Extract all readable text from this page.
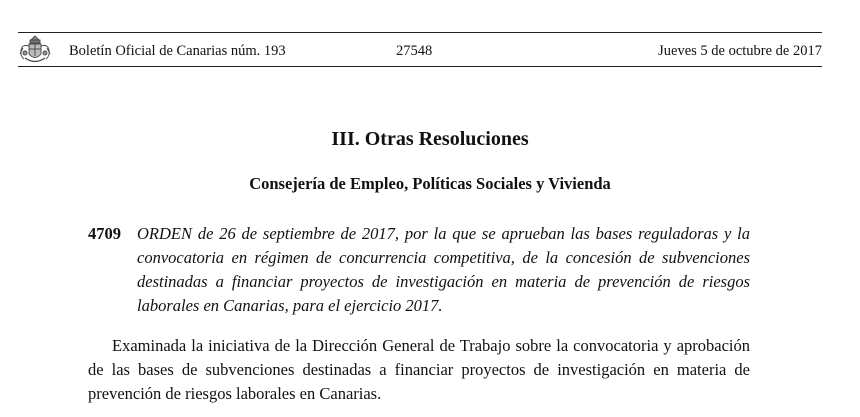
Boletín Oficial de Canarias núm. 193	27548	Jueves 5 de octubre de 2017
III. Otras Resoluciones
Consejería de Empleo, Políticas Sociales y Vivienda
4709 ORDEN de 26 de septiembre de 2017, por la que se aprueban las bases reguladoras y la convocatoria en régimen de concurrencia competitiva, de la concesión de subvenciones destinadas a financiar proyectos de investigación en materia de prevención de riesgos laborales en Canarias, para el ejercicio 2017.
Examinada la iniciativa de la Dirección General de Trabajo sobre la convocatoria y aprobación de las bases de subvenciones destinadas a financiar proyectos de investigación en materia de prevención de riesgos laborales en Canarias.
